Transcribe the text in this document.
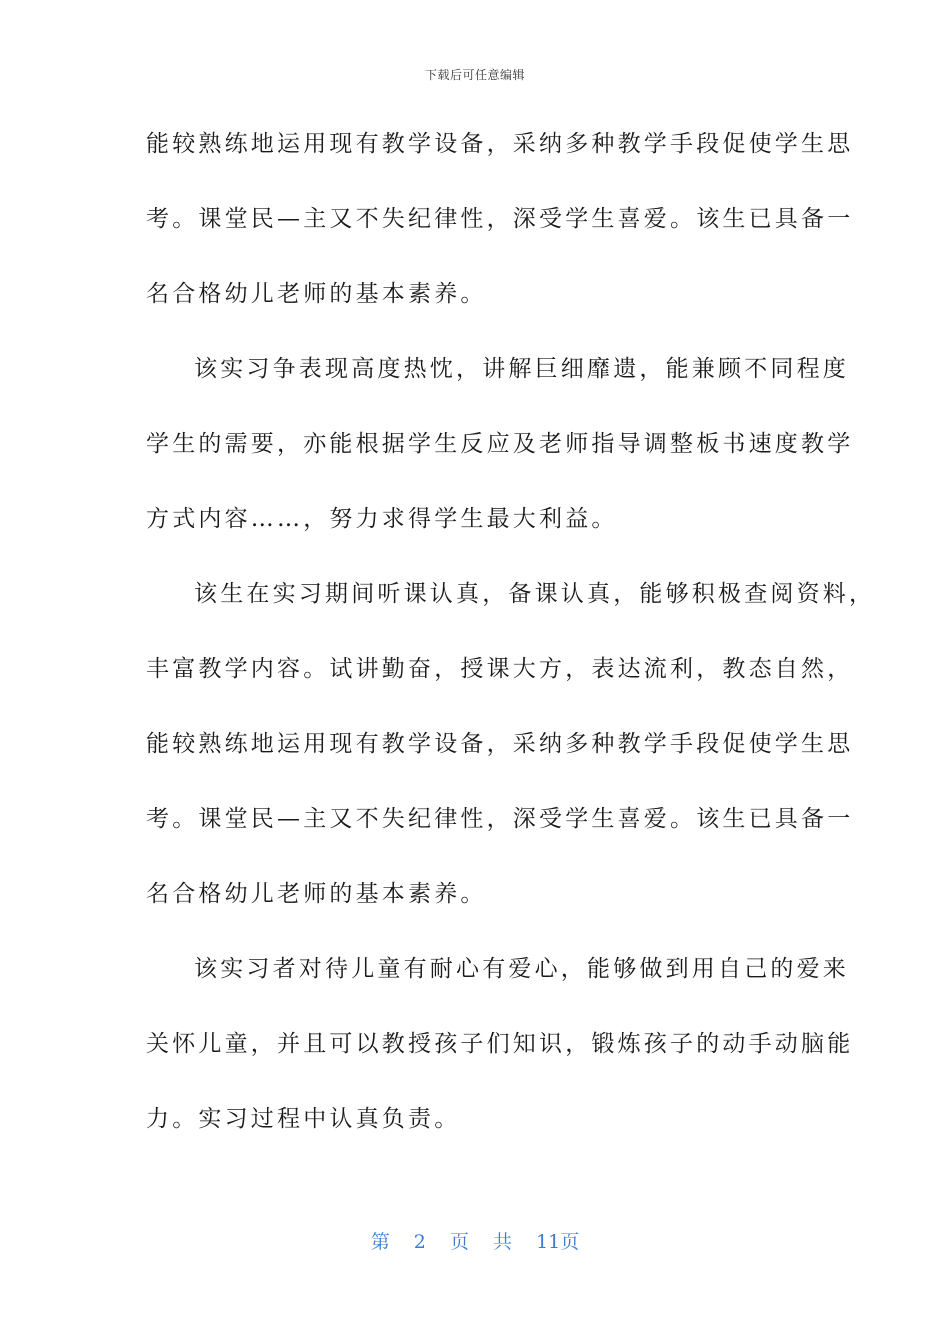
下载后可任意编辑
能较熟练地运用现有教学设备，采纳多种教学手段促使学生思
考。课堂民—主又不失纪律性，深受学生喜爱。该生已具备一
名合格幼儿老师的基本素养。
该实习争表现高度热忱，讲解巨细靡遗，能兼顾不同程度
学生的需要，亦能根据学生反应及老师指导调整板书速度教学
方式内容……，努力求得学生最大利益。
该生在实习期间听课认真，备课认真，能够积极查阅资料，
丰富教学内容。试讲勤奋，授课大方，表达流利，教态自然，
能较熟练地运用现有教学设备，采纳多种教学手段促使学生思
考。课堂民—主又不失纪律性，深受学生喜爱。该生已具备一
名合格幼儿老师的基本素养。
该实习者对待儿童有耐心有爱心，能够做到用自己的爱来
关怀儿童，并且可以教授孩子们知识，锻炼孩子的动手动脑能
力。实习过程中认真负责。
第 2 页 共 11页
